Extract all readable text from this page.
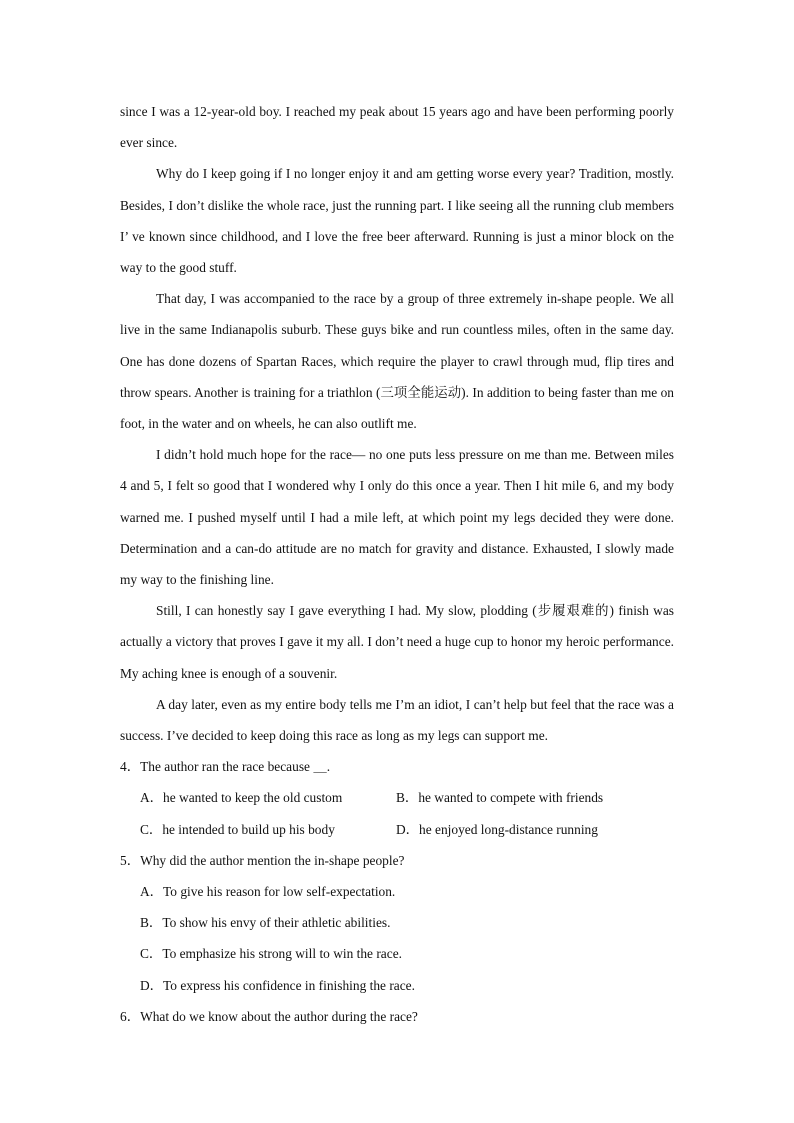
since I was a 12-year-old boy. I reached my peak about 15 years ago and have been performing poorly ever since.

Why do I keep going if I no longer enjoy it and am getting worse every year? Tradition, mostly. Besides, I don’t dislike the whole race, just the running part. I like seeing all the running club members I’ ve known since childhood, and I love the free beer afterward. Running is just a minor block on the way to the good stuff.

That day, I was accompanied to the race by a group of three extremely in-shape people. We all live in the same Indianapolis suburb. These guys bike and run countless miles, often in the same day. One has done dozens of Spartan Races, which require the player to crawl through mud, flip tires and throw spears. Another is training for a triathlon (三项全能运动). In addition to being faster than me on foot, in the water and on wheels, he can also outlift me.

I didn’t hold much hope for the race— no one puts less pressure on me than me. Between miles 4 and 5, I felt so good that I wondered why I only do this once a year. Then I hit mile 6, and my body warned me. I pushed myself until I had a mile left, at which point my legs decided they were done. Determination and a can-do attitude are no match for gravity and distance. Exhausted, I slowly made my way to the finishing line.

Still, I can honestly say I gave everything I had. My slow, plodding (步履艰难的) finish was actually a victory that proves I gave it my all. I don’t need a huge cup to honor my heroic performance. My aching knee is enough of a souvenir.

A day later, even as my entire body tells me I’m an idiot, I can’t help but feel that the race was a success. I’ve decided to keep doing this race as long as my legs can support me.

4．The author ran the race because ＿.

A．he wanted to keep the old custom	B．he wanted to compete with friends
C．he intended to build up his body	D．he enjoyed long-distance running

5．Why did the author mention the in-shape people?

A．To give his reason for low self-expectation.

B．To show his envy of their athletic abilities.

C．To emphasize his strong will to win the race.

D．To express his confidence in finishing the race.

6．What do we know about the author during the race?
